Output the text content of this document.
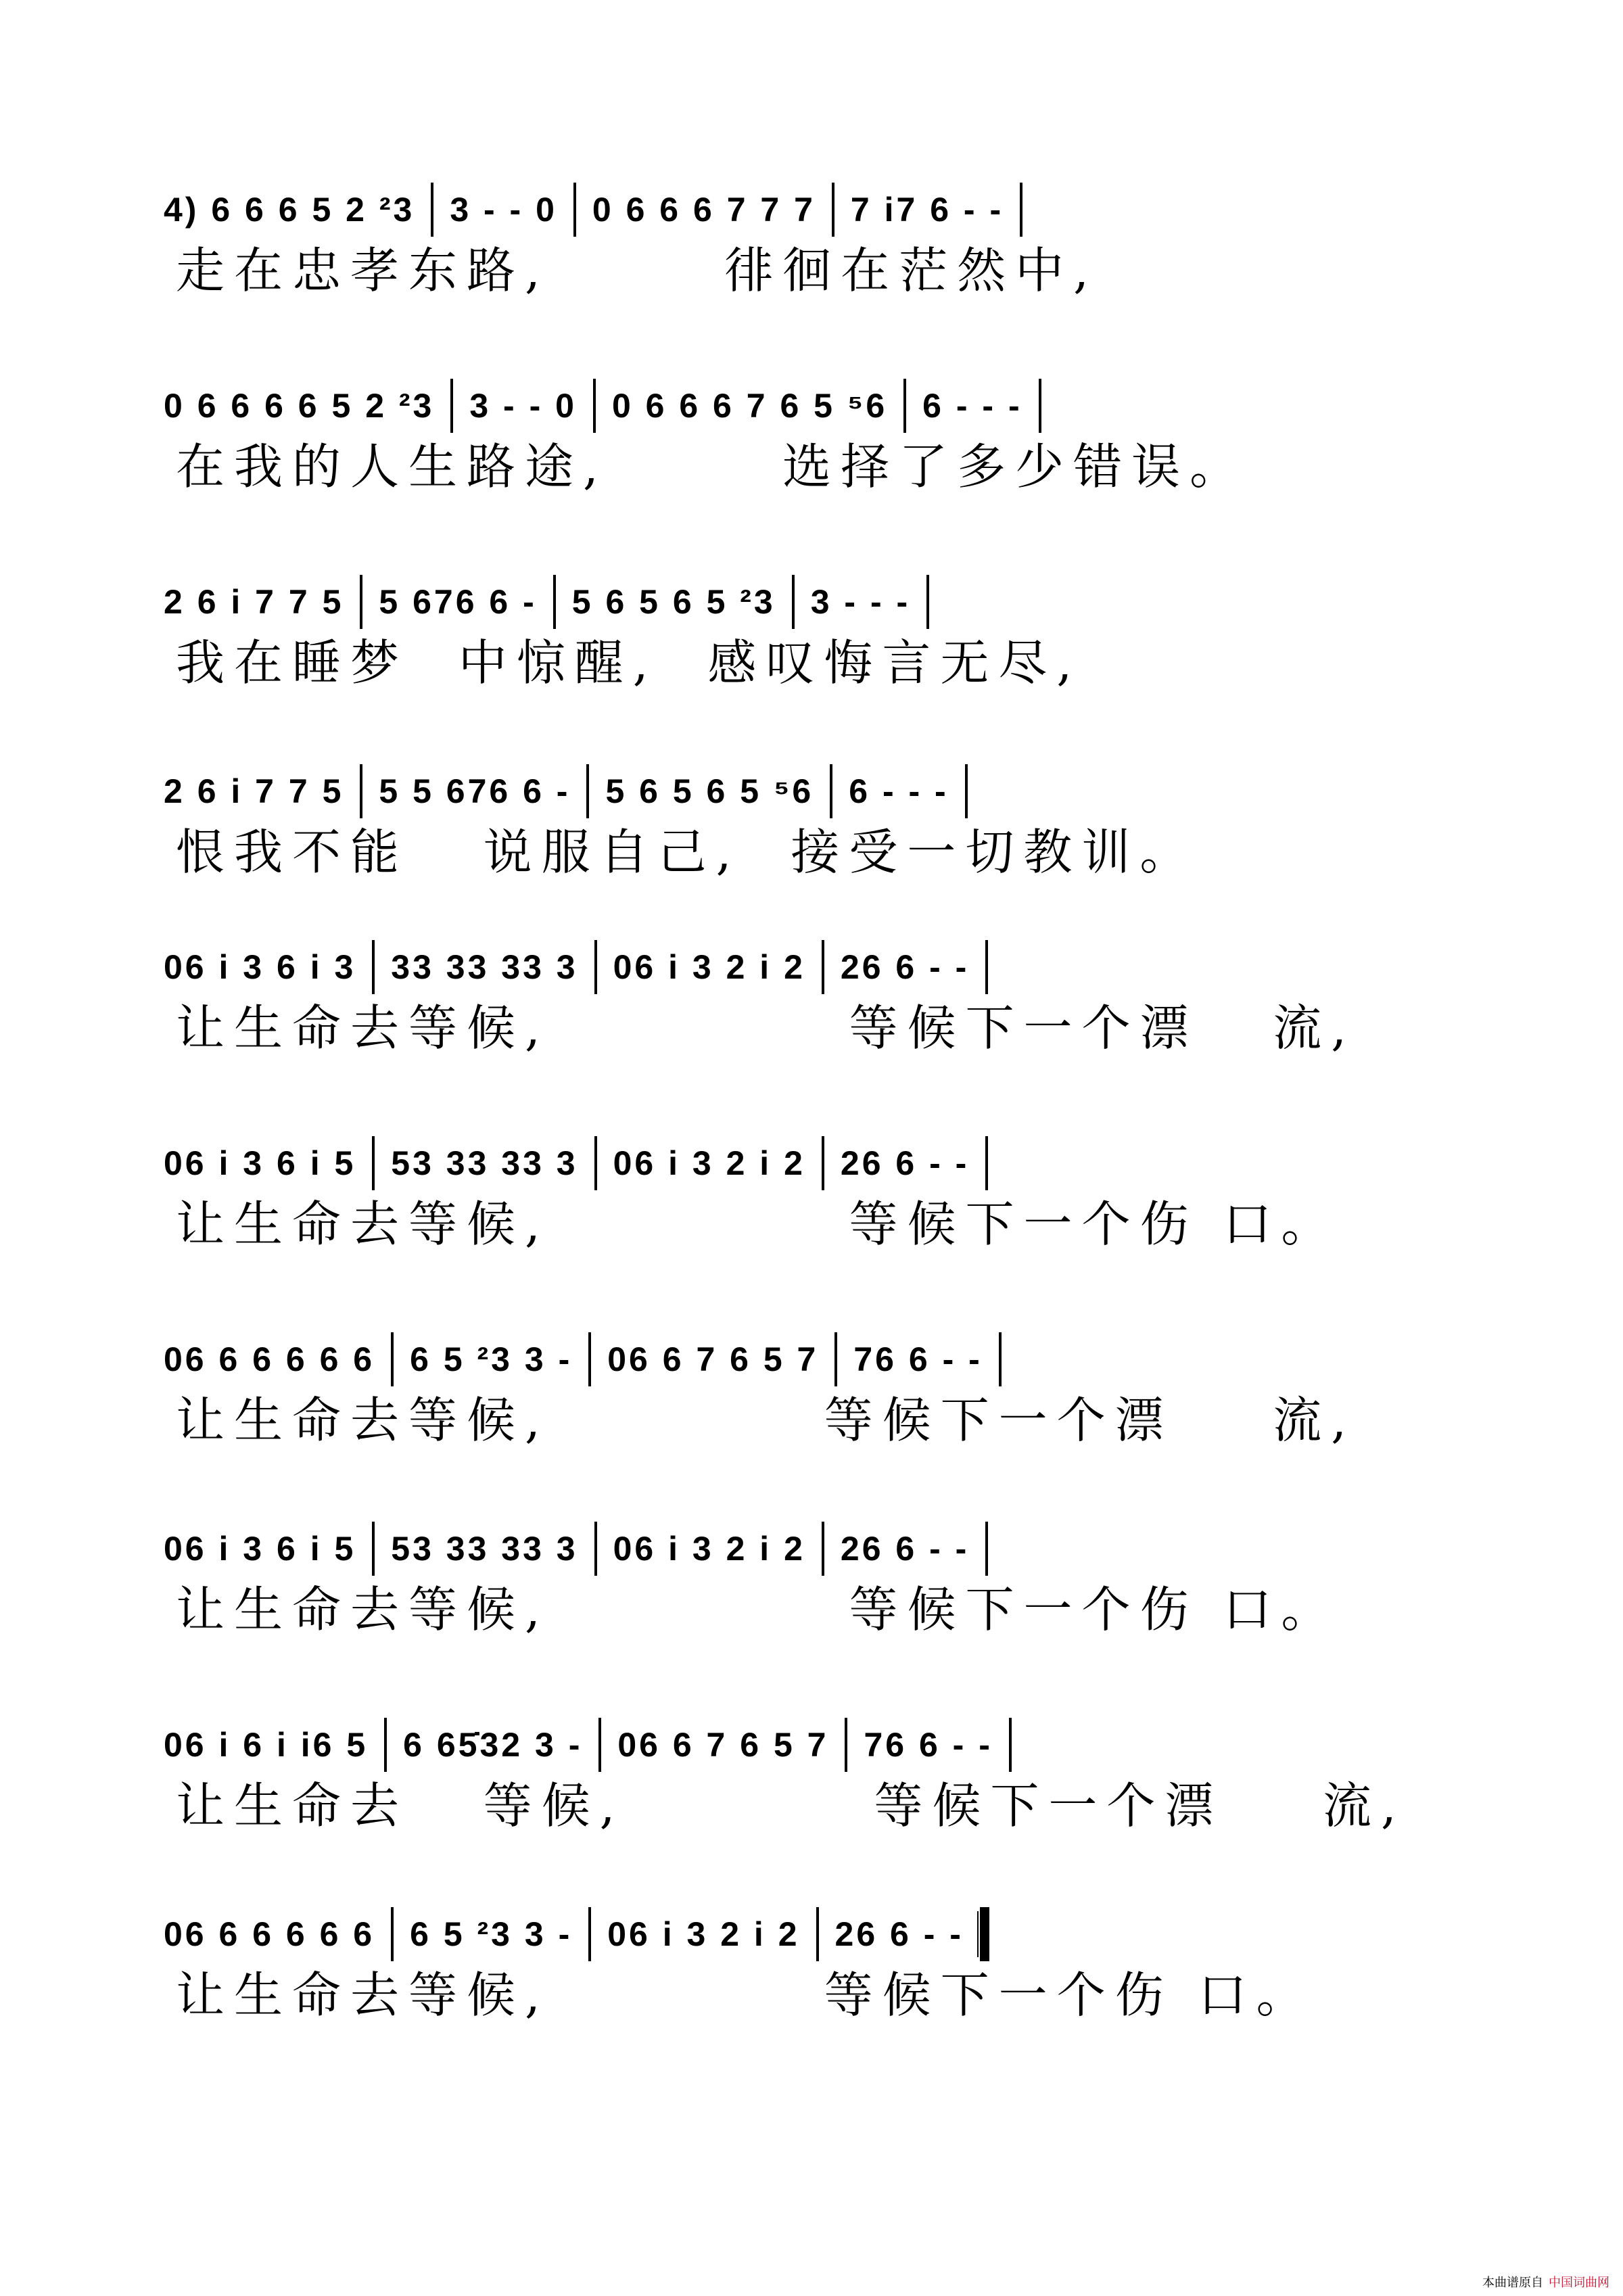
4) 6 6 6 5 2 ²3	3 - - 0	0 6 6 6 7 7 7	7 i7 6 - -
走在忠孝东路,       徘徊在茫然中,
0 6 6 6 6 5 2 ²3	3 - - 0	0 6 6 6 7 6 5 ⁵6	6 - - -
在我的人生路途,       选择了多少错误。
2 6 i 7 7 5	5 676 6 -	5 6 5 6 5 ²3	3 - - -
我在睡梦  中惊醒,  感叹悔言无尽,
2 6 i 7 7 5	5 5 676 6 -	5 6 5 6 5 ⁵6	6 - - -
恨我不能   说服自己,  接受一切教训。
06 i 3 6 i 3	33 33 33 3	06 i 3 2 i 2	26 6 - -
让生命去等候,            等候下一个漂   流,
06 i 3 6 i 5	53 33 33 3	06 i 3 2 i 2	26 6 - -
让生命去等候,            等候下一个伤 口。
06 6 6 6 6 6	6 5 ²3 3 -	06 6 7 6 5 7	76 6 - -
让生命去等候,           等候下一个漂    流,
06 i 3 6 i 5	53 33 33 3	06 i 3 2 i 2	26 6 - -
让生命去等候,            等候下一个伤 口。
06 i 6 i i6 5	6 65̇32 3 -	06 6 7 6 5 7	76 6 - -
让生命去   等候,          等候下一个漂    流,
06 6 6 6 6 6	6 5 ²3 3 -	06 i 3 2 i 2	26 6 - -
让生命去等候,           等候下一个伤 口。
本曲谱原自 中国词曲网
